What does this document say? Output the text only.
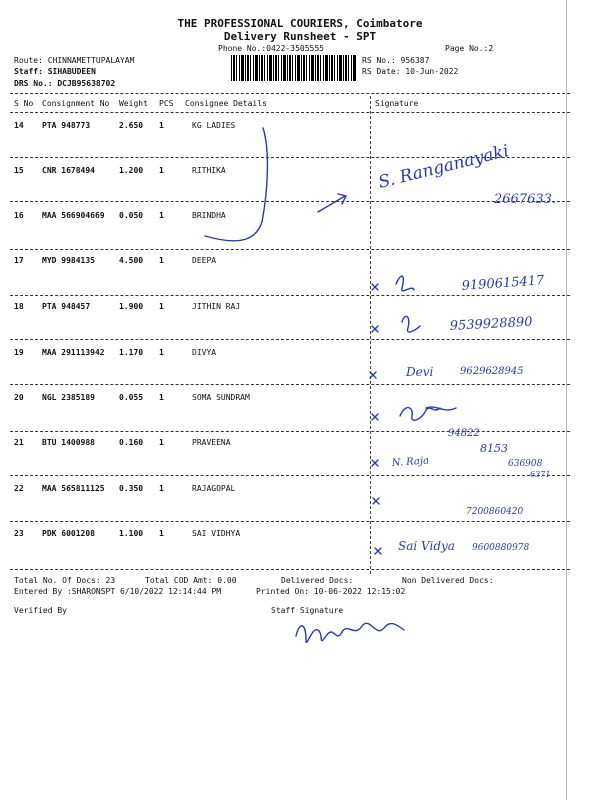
THE PROFESSIONAL COURIERS, Coimbatore
Delivery Runsheet - SPT
Phone No.:0422-3505555	Page No.:2
Route: CHINNAMETTUPALAYAM
Staff: SIHABUDEEN
DRS No.: DCJB95638702
RS No.: 956387
RS Date: 10-Jun-2022
S No Consignment No Weight PCS Consignee Details	Signature
14 PTA 948773	2.650 1	KG LADIES
15 CNR 1678494	1.200 1	RITHIKA
16 MAA 566904669 0.050 1	BRINDHA
17 MYD 9984135	4.500 1	DEEPA
18 PTA 948457	1.900 1	JITHIN RAJ
19 MAA 291113942 1.170 1	DIVYA
20 NGL 2385189	0.055 1	SOMA SUNDRAM
21 BTU 1400988	0.160 1	PRAVEENA
22 MAA 565811125 0.350 1	RAJAGOPAL
23 PDK 6001208	1.100 1	SAI VIDHYA
Total No. Of Docs: 23	Total COD Amt: 0.00	Delivered Docs:	Non Delivered Docs:
Entered By :SHARONSPT 6/10/2022 12:14:44 PM	Printed On: 10-06-2022 12:15:02
Verified By	Staff Signature
S. Ranganayaki
2667633.
9190615417
9539928890
Devi	9629628945
94822
N. Raja
8153
636908
6371
7200860420
Sai Vidya 9600880978
